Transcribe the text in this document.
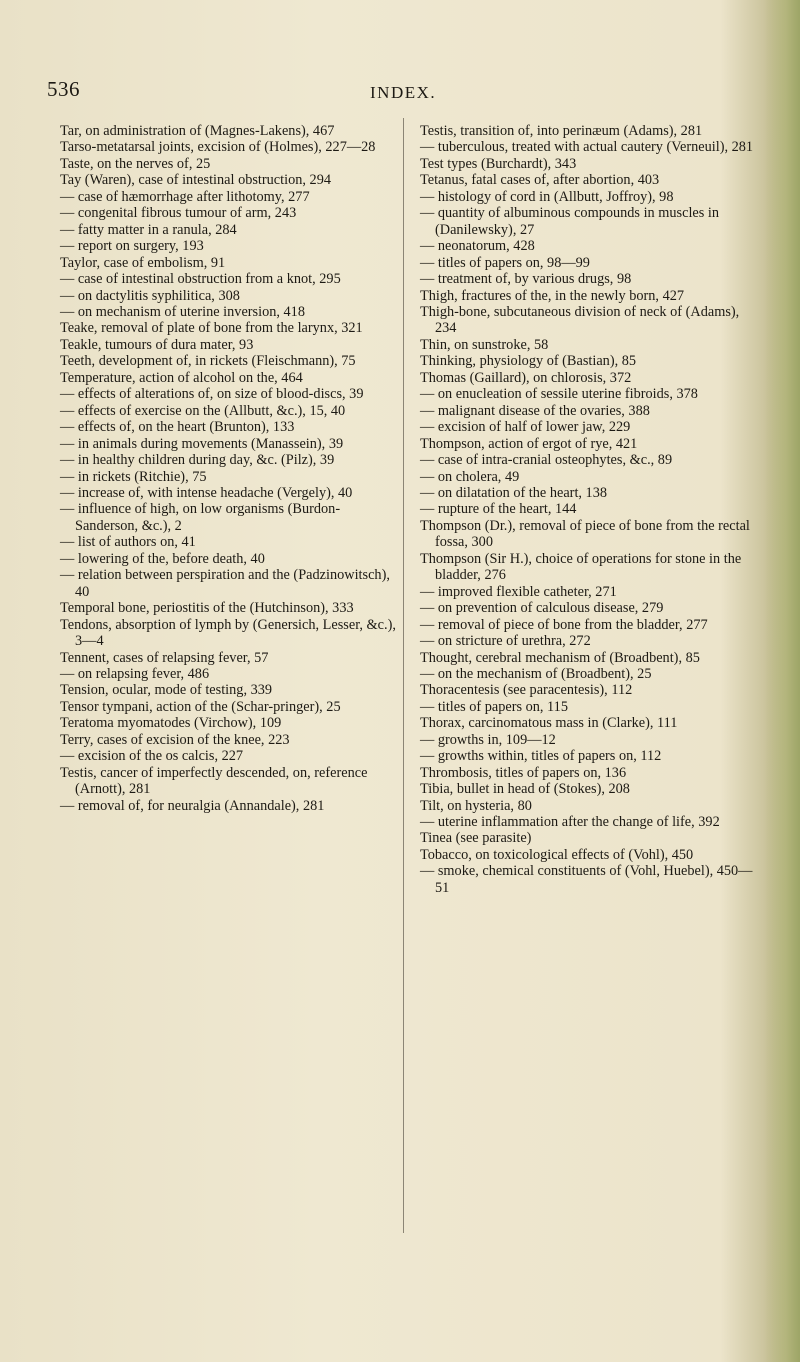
536	INDEX.

Tar, on administration of (Magnes-Lakens), 467

Tarso-metatarsal joints, excision of (Holmes), 227—28

Taste, on the nerves of, 25

Tay (Waren), case of intestinal obstruction, 294

— case of hæmorrhage after lithotomy, 277

— congenital fibrous tumour of arm, 243

— fatty matter in a ranula, 284

— report on surgery, 193

Taylor, case of embolism, 91

— case of intestinal obstruction from a knot, 295

— on dactylitis syphilitica, 308

— on mechanism of uterine inversion, 418

Teake, removal of plate of bone from the larynx, 321

Teakle, tumours of dura mater, 93

Teeth, development of, in rickets (Fleischmann), 75

Temperature, action of alcohol on the, 464

— effects of alterations of, on size of blood-discs, 39

— effects of exercise on the (Allbutt, &c.), 15, 40

— effects of, on the heart (Brunton), 133

— in animals during movements (Manassein), 39

— in healthy children during day, &c. (Pilz), 39

— in rickets (Ritchie), 75

— increase of, with intense headache (Vergely), 40

— influence of high, on low organisms (Burdon-Sanderson, &c.), 2

— list of authors on, 41

— lowering of the, before death, 40

— relation between perspiration and the (Padzinowitsch), 40

Temporal bone, periostitis of the (Hutchinson), 333

Tendons, absorption of lymph by (Genersich, Lesser, &c.), 3—4

Tennent, cases of relapsing fever, 57

— on relapsing fever, 486

Tension, ocular, mode of testing, 339

Tensor tympani, action of the (Schar-pringer), 25

Teratoma myomatodes (Virchow), 109

Terry, cases of excision of the knee, 223

— excision of the os calcis, 227

Testis, cancer of imperfectly descended, on, reference (Arnott), 281

— removal of, for neuralgia (Annandale), 281

Testis, transition of, into perinæum (Adams), 281

— tuberculous, treated with actual cautery (Verneuil), 281

Test types (Burchardt), 343

Tetanus, fatal cases of, after abortion, 403

— histology of cord in (Allbutt, Joffroy), 98

— quantity of albuminous compounds in muscles in (Danilewsky), 27

— neonatorum, 428

— titles of papers on, 98—99

— treatment of, by various drugs, 98

Thigh, fractures of the, in the newly born, 427

Thigh-bone, subcutaneous division of neck of (Adams), 234

Thin, on sunstroke, 58

Thinking, physiology of (Bastian), 85

Thomas (Gaillard), on chlorosis, 372

— on enucleation of sessile uterine fibroids, 378

— malignant disease of the ovaries, 388

— excision of half of lower jaw, 229

Thompson, action of ergot of rye, 421

— case of intra-cranial osteophytes, &c., 89

— on cholera, 49

— on dilatation of the heart, 138

— rupture of the heart, 144

Thompson (Dr.), removal of piece of bone from the rectal fossa, 300

Thompson (Sir H.), choice of operations for stone in the bladder, 276

— improved flexible catheter, 271

— on prevention of calculous disease, 279

— removal of piece of bone from the bladder, 277

— on stricture of urethra, 272

Thought, cerebral mechanism of (Broadbent), 85

— on the mechanism of (Broadbent), 25

Thoracentesis (see paracentesis), 112

— titles of papers on, 115

Thorax, carcinomatous mass in (Clarke), 111

— growths in, 109—12

— growths within, titles of papers on, 112

Thrombosis, titles of papers on, 136

Tibia, bullet in head of (Stokes), 208

Tilt, on hysteria, 80

— uterine inflammation after the change of life, 392

Tinea (see parasite)

Tobacco, on toxicological effects of (Vohl), 450

— smoke, chemical constituents of (Vohl, Huebel), 450—51
